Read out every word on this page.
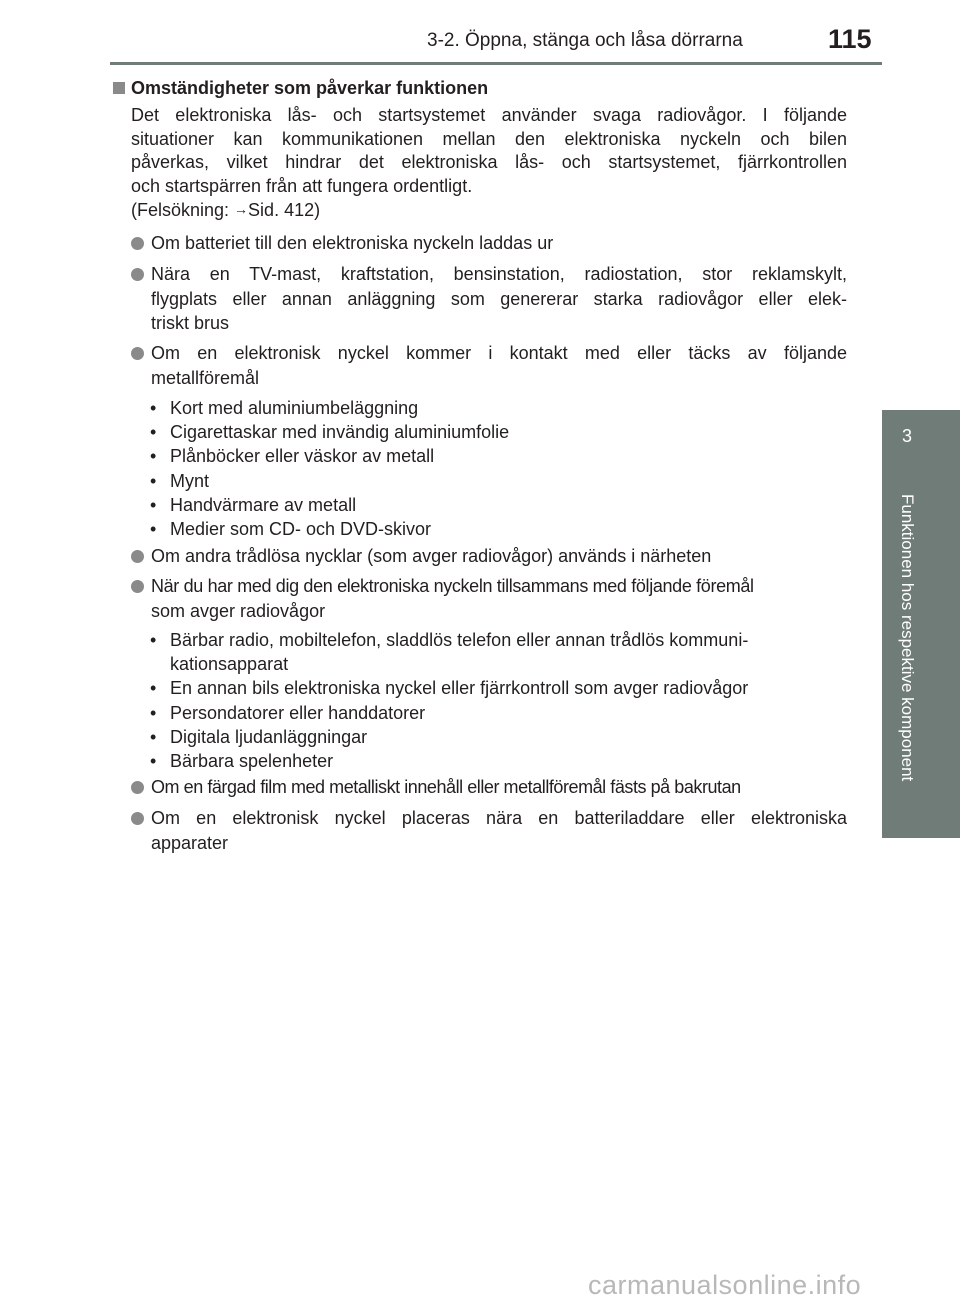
3-2. Öppna, stänga och låsa dörrarna	115
3
Funktionen hos respektive komponent
Omständigheter som påverkar funktionen
Det elektroniska lås- och startsystemet använder svaga radiovågor. I följande
situationer kan kommunikationen mellan den elektroniska nyckeln och bilen
påverkas, vilket hindrar det elektroniska lås- och startsystemet, fjärrkontrollen
och startspärren från att fungera ordentligt.
(Felsökning: →Sid. 412)
Om batteriet till den elektroniska nyckeln laddas ur
Nära en TV-mast, kraftstation, bensinstation, radiostation, stor reklamskylt,
flygplats eller annan anläggning som genererar starka radiovågor eller elek-
triskt brus
Om en elektronisk nyckel kommer i kontakt med eller täcks av följande
metallföremål
• Kort med aluminiumbeläggning
• Cigarettaskar med invändig aluminiumfolie
• Plånböcker eller väskor av metall
• Mynt
• Handvärmare av metall
• Medier som CD- och DVD-skivor
Om andra trådlösa nycklar (som avger radiovågor) används i närheten
När du har med dig den elektroniska nyckeln tillsammans med följande föremål
som avger radiovågor
• Bärbar radio, mobiltelefon, sladdlös telefon eller annan trådlös kommuni-
kationsapparat
• En annan bils elektroniska nyckel eller fjärrkontroll som avger radiovågor
• Persondatorer eller handdatorer
• Digitala ljudanläggningar
• Bärbara spelenheter
Om en färgad film med metalliskt innehåll eller metallföremål fästs på bakrutan
Om en elektronisk nyckel placeras nära en batteriladdare eller elektroniska
apparater
carmanualsonline.info
